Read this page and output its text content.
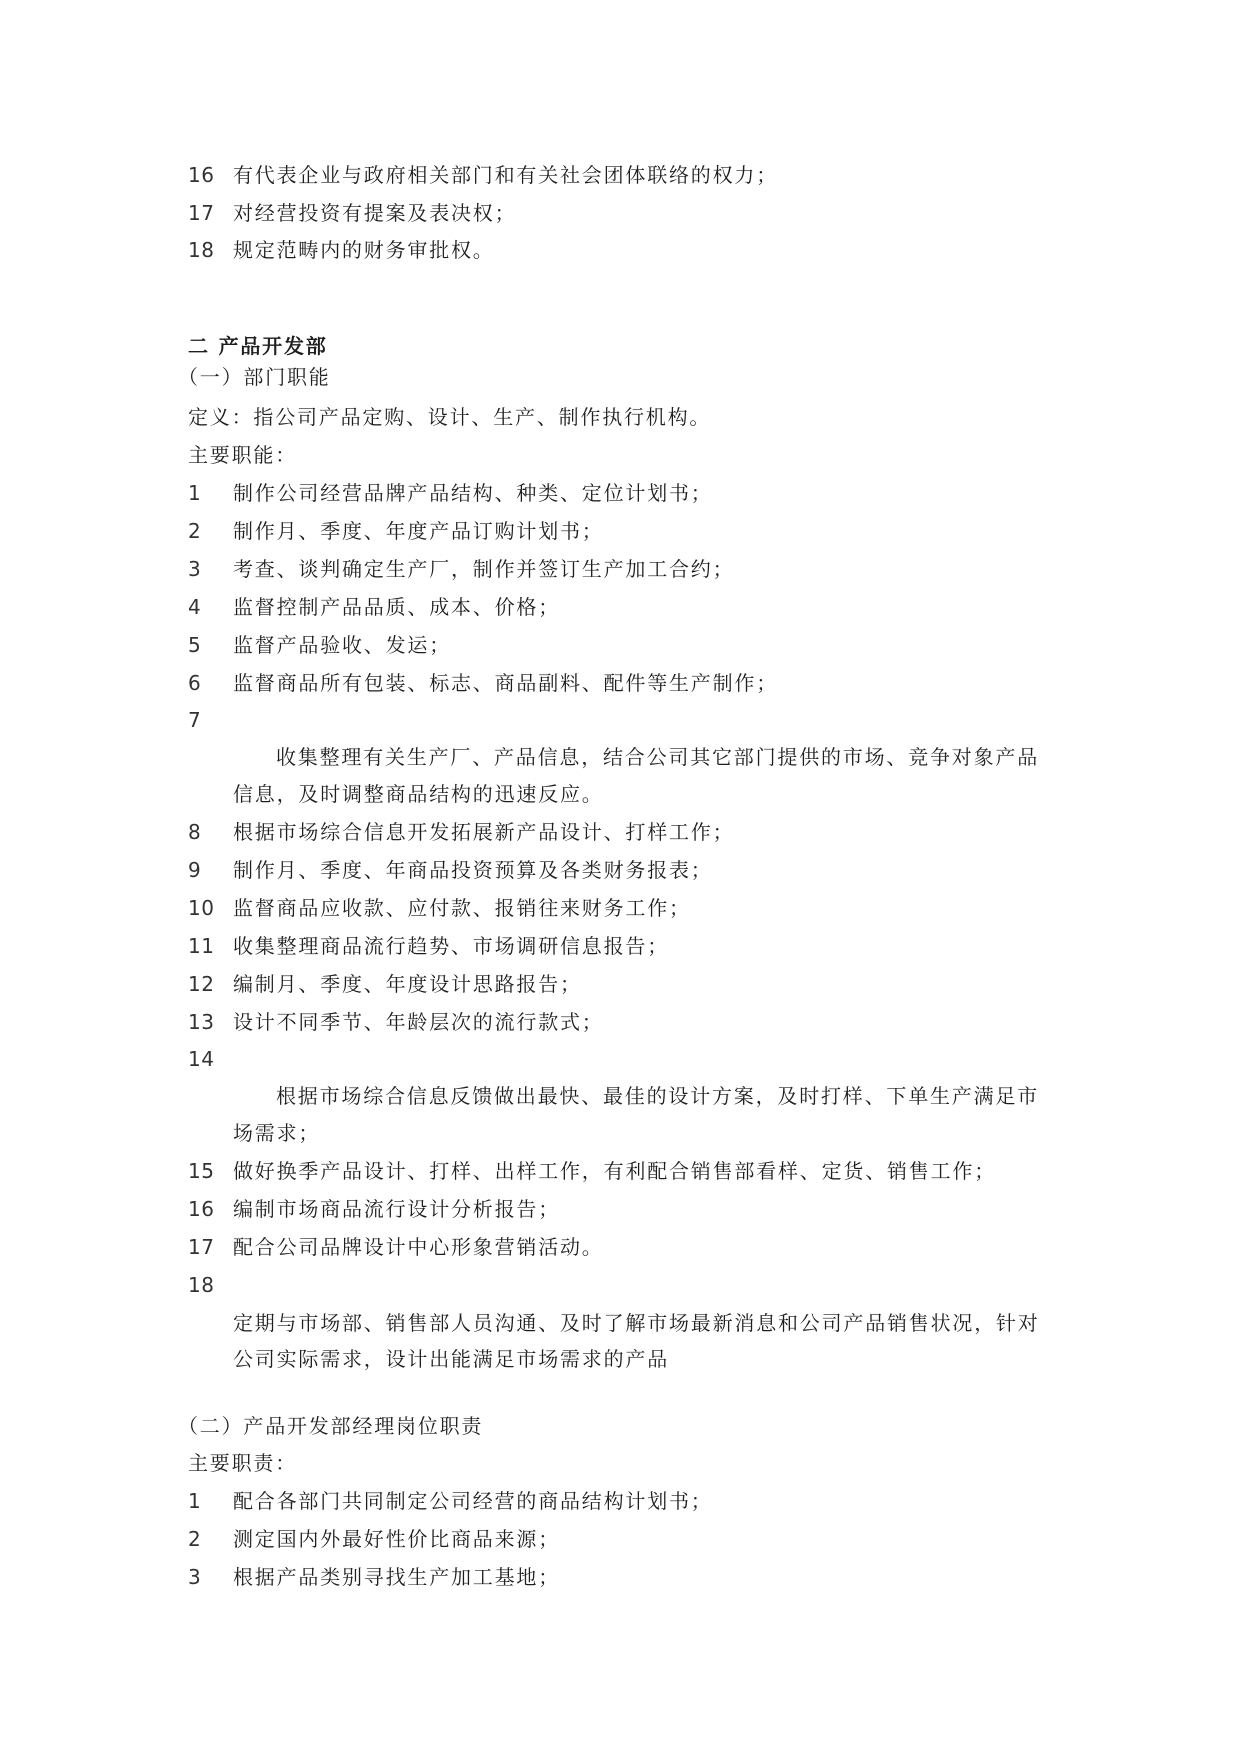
16 有代表企业与政府相关部门和有关社会团体联络的权力；
17 对经营投资有提案及表决权；
18 规定范畴内的财务审批权。
二 产品开发部
（一）部门职能
定义：指公司产品定购、设计、生产、制作执行机构。
主要职能：
1 制作公司经营品牌产品结构、种类、定位计划书；
2 制作月、季度、年度产品订购计划书；
3 考查、谈判确定生产厂，制作并签订生产加工合约；
4 监督控制产品品质、成本、价格；
5 监督产品验收、发运；
6 监督商品所有包装、标志、商品副料、配件等生产制作；
7
收集整理有关生产厂、产品信息，结合公司其它部门提供的市场、竞争对象产品
信息，及时调整商品结构的迅速反应。
8 根据市场综合信息开发拓展新产品设计、打样工作；
9 制作月、季度、年商品投资预算及各类财务报表；
10 监督商品应收款、应付款、报销往来财务工作；
11 收集整理商品流行趋势、市场调研信息报告；
12 编制月、季度、年度设计思路报告；
13 设计不同季节、年龄层次的流行款式；
14
根据市场综合信息反馈做出最快、最佳的设计方案，及时打样、下单生产满足市
场需求；
15 做好换季产品设计、打样、出样工作，有利配合销售部看样、定货、销售工作；
16 编制市场商品流行设计分析报告；
17 配合公司品牌设计中心形象营销活动。
18
定期与市场部、销售部人员沟通、及时了解市场最新消息和公司产品销售状况，针对
公司实际需求，设计出能满足市场需求的产品
（二）产品开发部经理岗位职责
主要职责：
1 配合各部门共同制定公司经营的商品结构计划书；
2 测定国内外最好性价比商品来源；
3 根据产品类别寻找生产加工基地；
